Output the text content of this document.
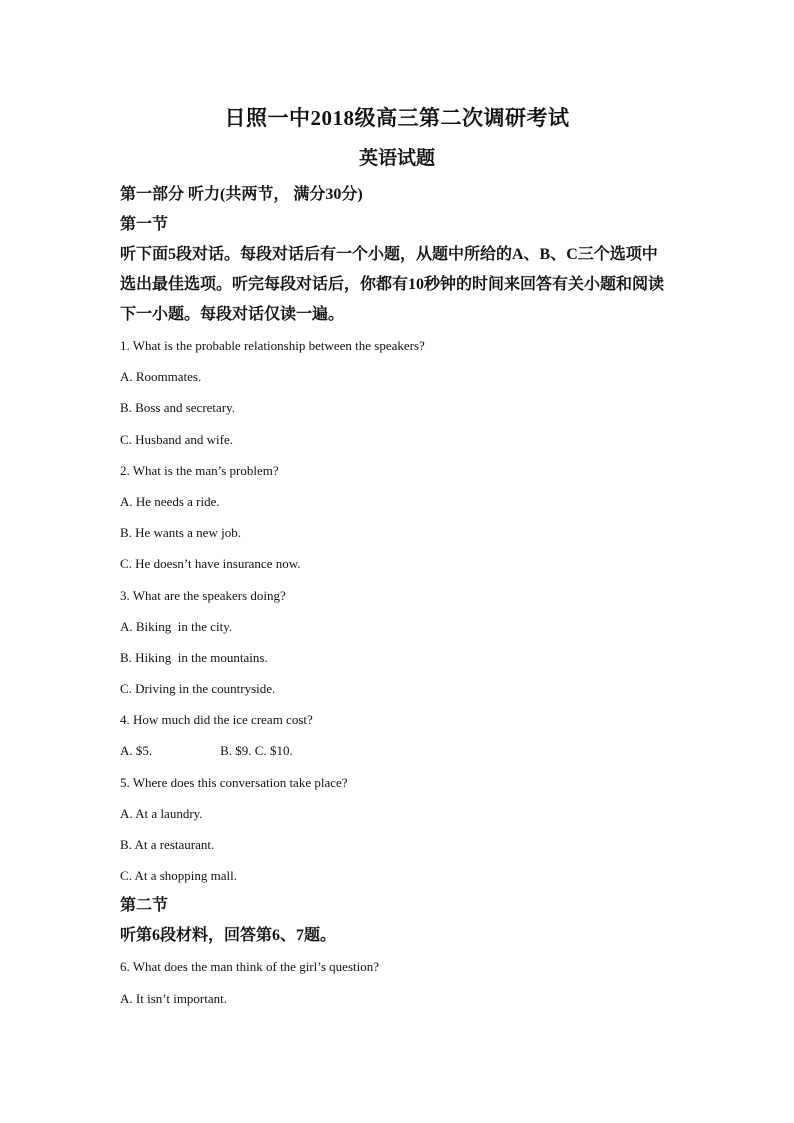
日照一中2018级高三第二次调研考试
英语试题

第一部分 听力(共两节， 满分30分)

第一节

听下面5段对话。每段对话后有一个小题，从题中所给的A、B、C三个选项中
选出最佳选项。听完每段对话后，你都有10秒钟的时间来回答有关小题和阅读
下一小题。每段对话仅读一遍。

1. What is the probable relationship between the speakers?

A. Roommates.

B. Boss and secretary.

C. Husband and wife.

2. What is the man’s problem?

A. He needs a ride.

B. He wants a new job.

C. He doesn’t have insurance now.

3. What are the speakers doing?

A. Biking  in the city.

B. Hiking  in the mountains.

C. Driving in the countryside.

4. How much did the ice cream cost?

A. $5.	B. $9. C. $10.

5. Where does this conversation take place?

A. At a laundry.

B. At a restaurant.

C. At a shopping mall.

第二节

听第6段材料，回答第6、7题。

6. What does the man think of the girl’s question?

A. It isn’t important.
